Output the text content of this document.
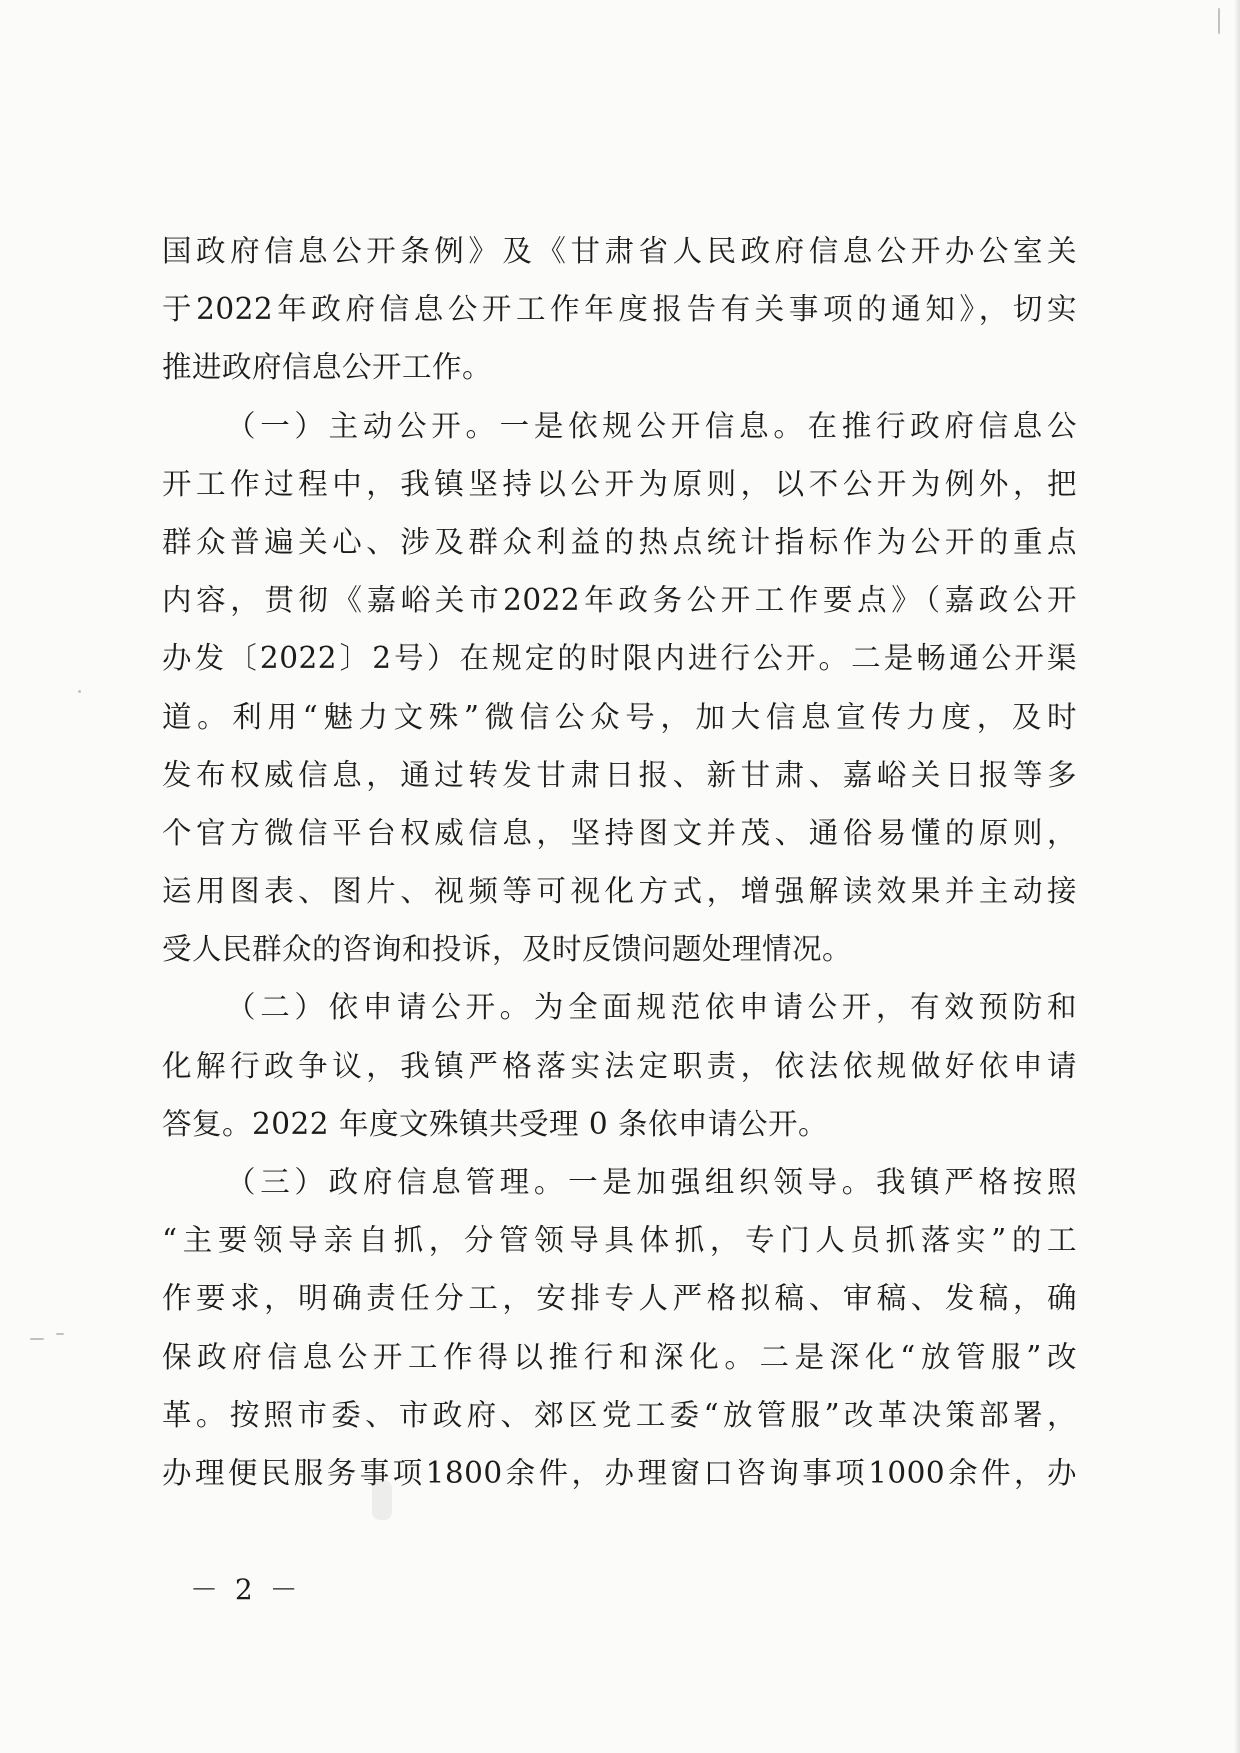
国政府信息公开条例》及《甘肃省人民政府信息公开办公室关
于2022年政府信息公开工作年度报告有关事项的通知》，切实
推进政府信息公开工作。
（一）主动公开。一是依规公开信息。在推行政府信息公
开工作过程中，我镇坚持以公开为原则，以不公开为例外，把
群众普遍关心、涉及群众利益的热点统计指标作为公开的重点
内容，贯彻《嘉峪关市2022年政务公开工作要点》（嘉政公开
办发〔2022〕2号）在规定的时限内进行公开。二是畅通公开渠
道。利用“魅力文殊”微信公众号，加大信息宣传力度，及时
发布权威信息，通过转发甘肃日报、新甘肃、嘉峪关日报等多
个官方微信平台权威信息，坚持图文并茂、通俗易懂的原则，
运用图表、图片、视频等可视化方式，增强解读效果并主动接
受人民群众的咨询和投诉，及时反馈问题处理情况。
（二）依申请公开。为全面规范依申请公开，有效预防和
化解行政争议，我镇严格落实法定职责，依法依规做好依申请
答复。2022 年度文殊镇共受理 0 条依申请公开。
（三）政府信息管理。一是加强组织领导。我镇严格按照
“主要领导亲自抓，分管领导具体抓，专门人员抓落实”的工
作要求，明确责任分工，安排专人严格拟稿、审稿、发稿，确
保政府信息公开工作得以推行和深化。二是深化“放管服”改
革。按照市委、市政府、郊区党工委“放管服”改革决策部署，
办理便民服务事项1800余件，办理窗口咨询事项1000余件，办
－ 2 －
